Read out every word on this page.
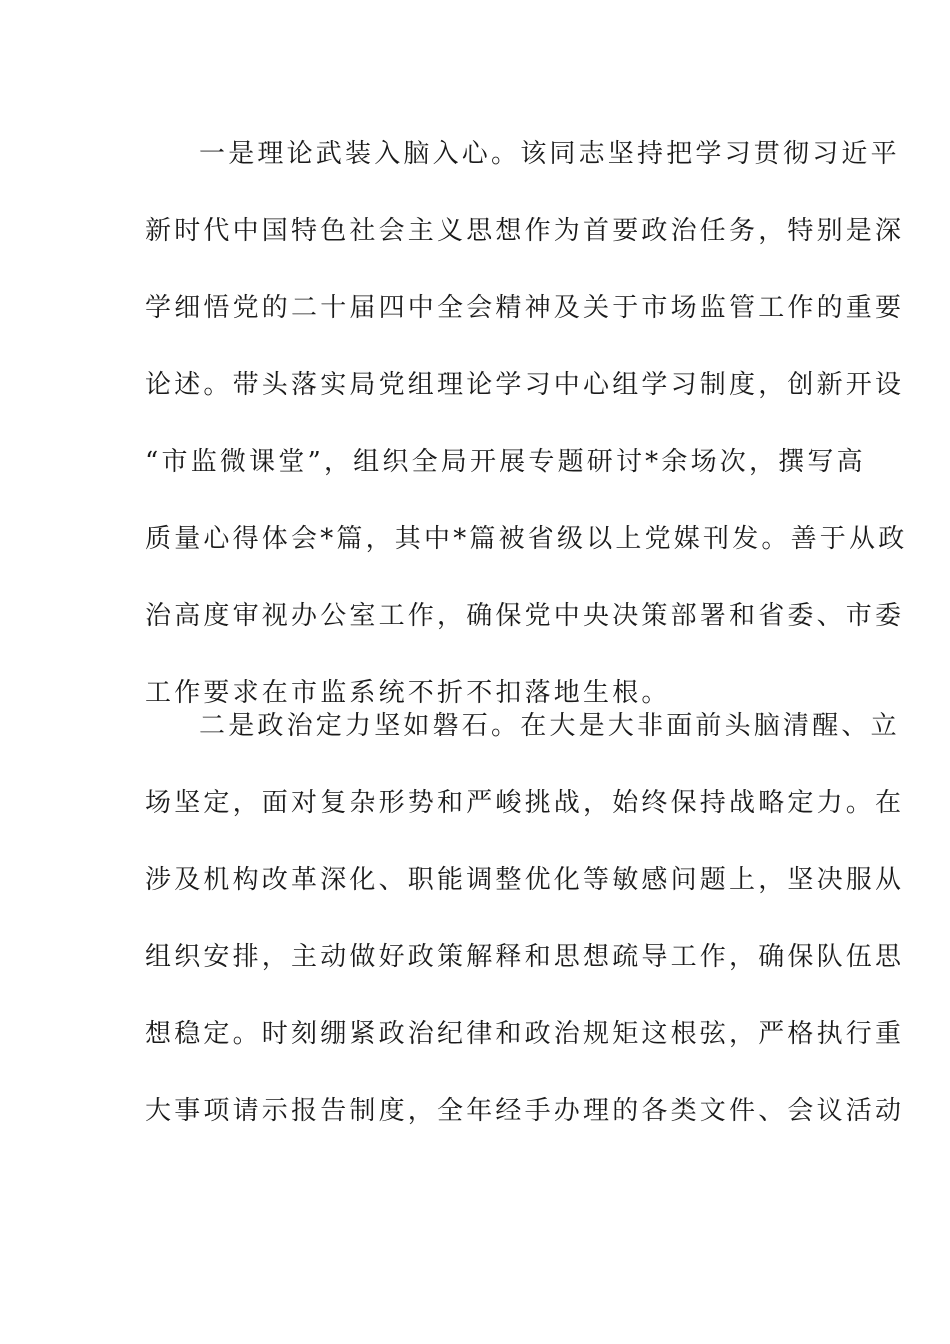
一是理论武装入脑入心。该同志坚持把学习贯彻习近平
新时代中国特色社会主义思想作为首要政治任务，特别是深
学细悟党的二十届四中全会精神及关于市场监管工作的重要
论述。带头落实局党组理论学习中心组学习制度，创新开设
“市监微课堂”，组织全局开展专题研讨*余场次，撰写高
质量心得体会*篇，其中*篇被省级以上党媒刊发。善于从政
治高度审视办公室工作，确保党中央决策部署和省委、市委
工作要求在市监系统不折不扣落地生根。
二是政治定力坚如磐石。在大是大非面前头脑清醒、立
场坚定，面对复杂形势和严峻挑战，始终保持战略定力。在
涉及机构改革深化、职能调整优化等敏感问题上，坚决服从
组织安排，主动做好政策解释和思想疏导工作，确保队伍思
想稳定。时刻绷紧政治纪律和政治规矩这根弦，严格执行重
大事项请示报告制度，全年经手办理的各类文件、会议活动
